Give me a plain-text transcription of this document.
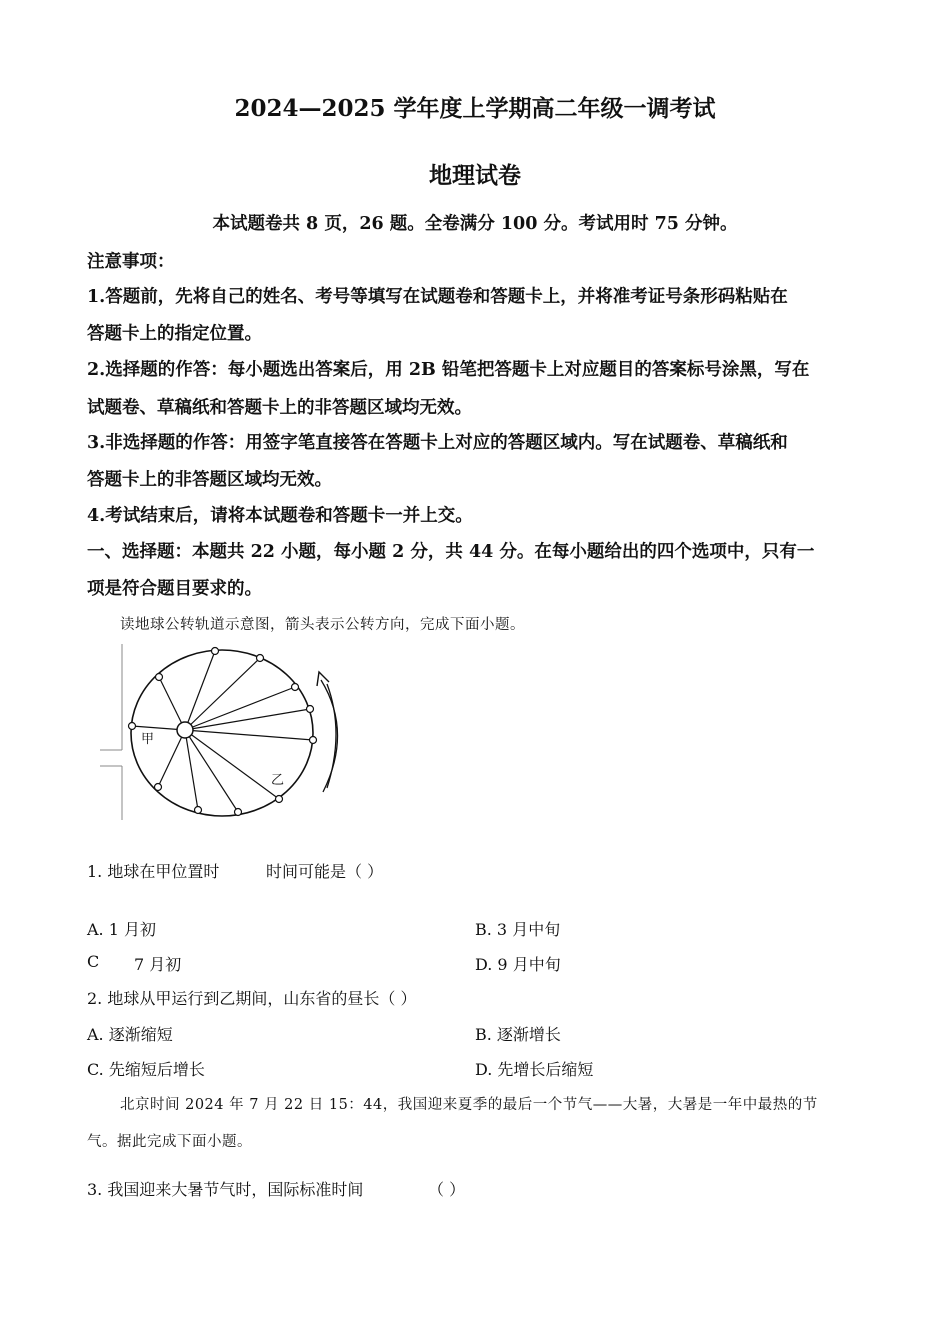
2024—2025 学年度上学期高二年级一调考试
地理试卷
本试题卷共 8 页，26 题。全卷满分 100 分。考试用时 75 分钟。
注意事项：
1.答题前，先将自己的姓名、考号等填写在试题卷和答题卡上，并将准考证号条形码粘贴在
答题卡上的指定位置。
2.选择题的作答：每小题选出答案后，用 2B 铅笔把答题卡上对应题目的答案标号涂黑，写在
试题卷、草稿纸和答题卡上的非答题区域均无效。
3.非选择题的作答：用签字笔直接答在答题卡上对应的答题区域内。写在试题卷、草稿纸和
答题卡上的非答题区域均无效。
4.考试结束后，请将本试题卷和答题卡一并上交。
一、选择题：本题共 22 小题，每小题 2 分，共 44 分。在每小题给出的四个选项中，只有一
项是符合题目要求的。
读地球公转轨道示意图，箭头表示公转方向，完成下面小题。
甲
乙
1. 地球在甲位置时	时间可能是（ ）
A. 1 月初	B. 3 月中旬
C 7 月初	D. 9 月中旬
2. 地球从甲运行到乙期间，山东省的昼长（ ）
A. 逐渐缩短	B. 逐渐增长
C. 先缩短后增长	D. 先增长后缩短
北京时间 2024 年 7 月 22 日 15：44，我国迎来夏季的最后一个节气——大暑，大暑是一年中最热的节
气。据此完成下面小题。
3. 我国迎来大暑节气时，国际标准时间	（ ）
